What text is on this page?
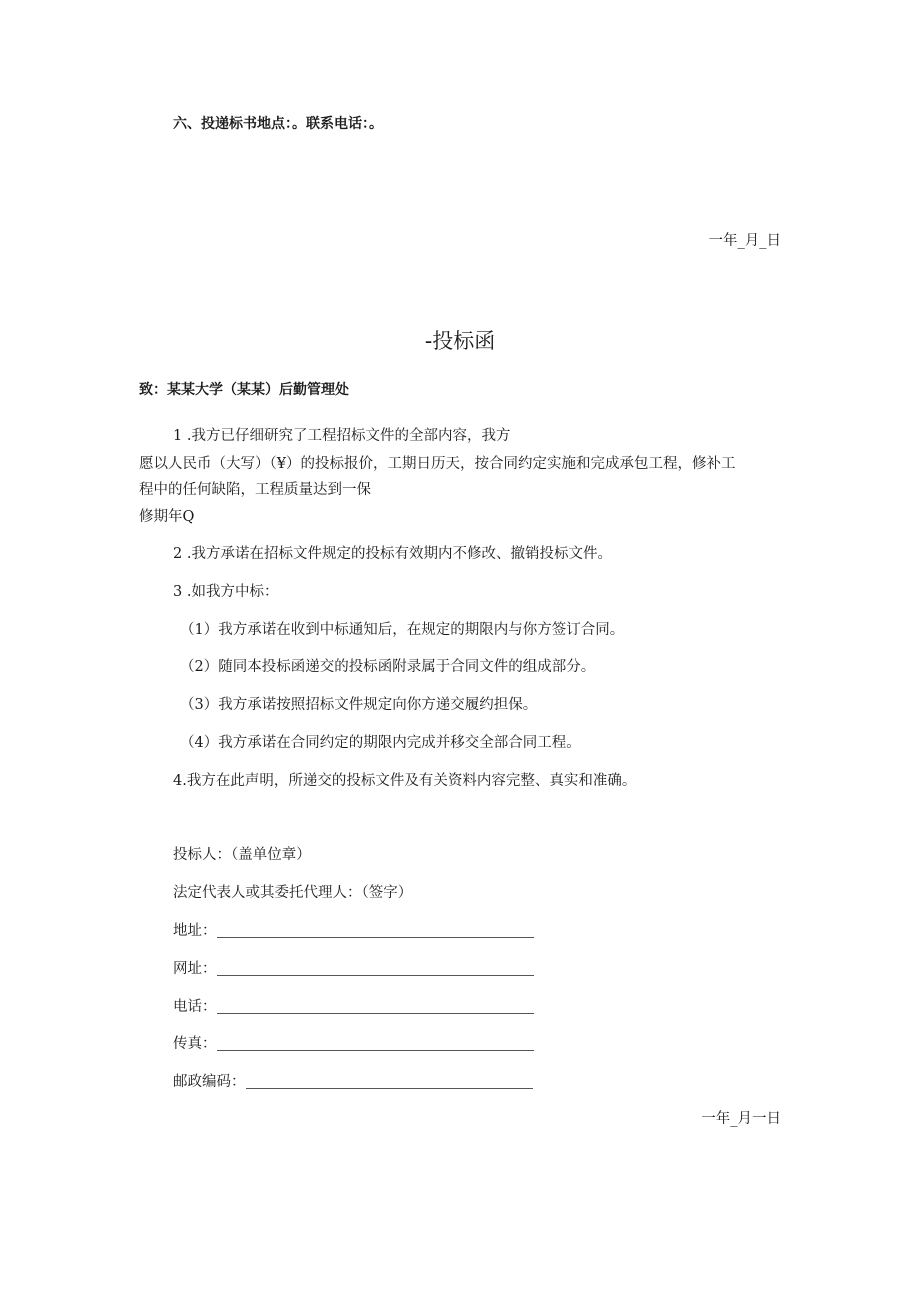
六、投递标书地点：。联系电话：。
一年_月_日
-投标函
致：某某大学（某某）后勤管理处
1 .我方已仔细研究了工程招标文件的全部内容，我方
愿以人民币（大写）（¥）的投标报价，工期日历天，按合同约定实施和完成承包工程，修补工
程中的任何缺陷，工程质量达到一保
修期年Q
2 .我方承诺在招标文件规定的投标有效期内不修改、撤销投标文件。
3 .如我方中标：
（1）我方承诺在收到中标通知后，在规定的期限内与你方签订合同。
（2）随同本投标函递交的投标函附录属于合同文件的组成部分。
（3）我方承诺按照招标文件规定向你方递交履约担保。
（4）我方承诺在合同约定的期限内完成并移交全部合同工程。
4.我方在此声明，所递交的投标文件及有关资料内容完整、真实和准确。
投标人：（盖单位章）
法定代表人或其委托代理人：（签字）
地址：
网址：
电话：
传真：
邮政编码：
一年_月一日
